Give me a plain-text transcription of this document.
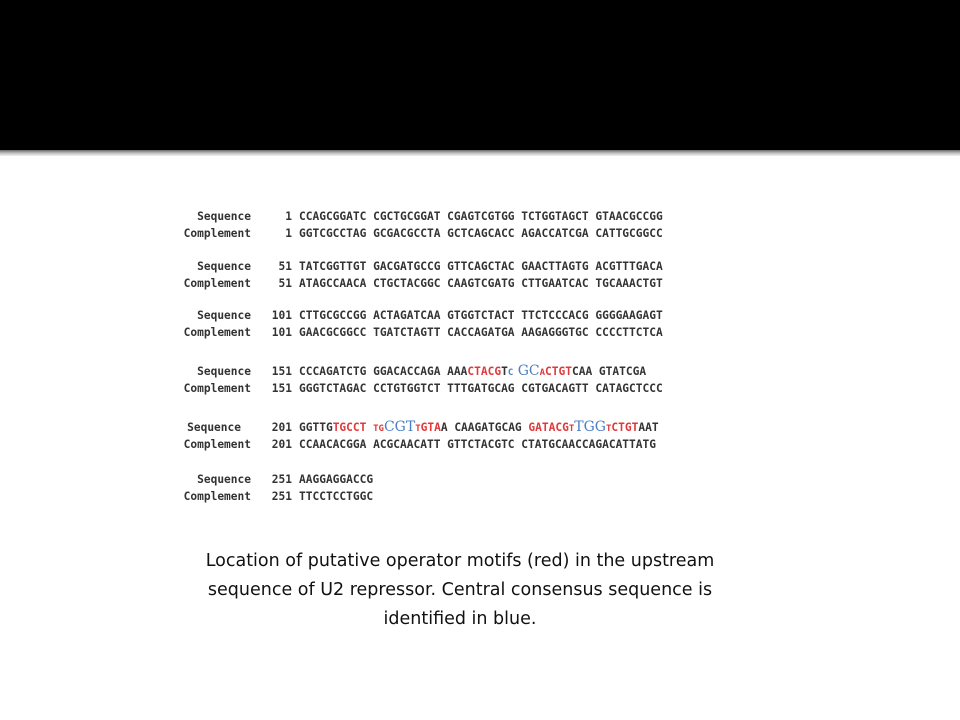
Sequence	1 CCAGCGGATC CGCTGCGGAT CGAGTCGTGG TCTGGTAGCT GTAACGCCGG
Complement	1 GGTCGCCTAG GCGACGCCTA GCTCAGCACC AGACCATCGA CATTGCGGCC
Sequence 51 TATCGGTTGT GACGATGCCG GTTCAGCTAC GAACTTAGTG ACGTTTGACA
Complement 51 ATAGCCAACA CTGCTACGGC CAAGTCGATG CTTGAATCAC TGCAAACTGT
Sequence 101 CTTGCGCCGG ACTAGATCAA GTGGTCTACT TTCTCCCACG GGGGAAGAGT
Complement 101 GAACGCGGCC TGATCTAGTT CACCAGATGA AAGAGGGTGC CCCCTTCTCA
Sequence 151 CCCAGATCTG GGACACCAGA AAACTACGTC GCACTGTCAA GTATCGA
Complement 151 GGGTCTAGAC CCTGTGGTCT TTTGATGCAG CGTGACAGTT CATAGCTCCC
Sequence	201 GGTTGTGCCT TGCGTTGTAA CAAGATGCAG GATACGTTGGTCTGTAAT
Complement 201 CCAACACGGA ACGCAACATT GTTCTACGTC CTATGCAACCAGACATTATG
Sequence 251 AAGGAGGACCG
Complement 251 TTCCTCCTGGC
Location of putative operator motifs (red) in the upstream
sequence of U2 repressor. Central consensus sequence is
identified in blue.
